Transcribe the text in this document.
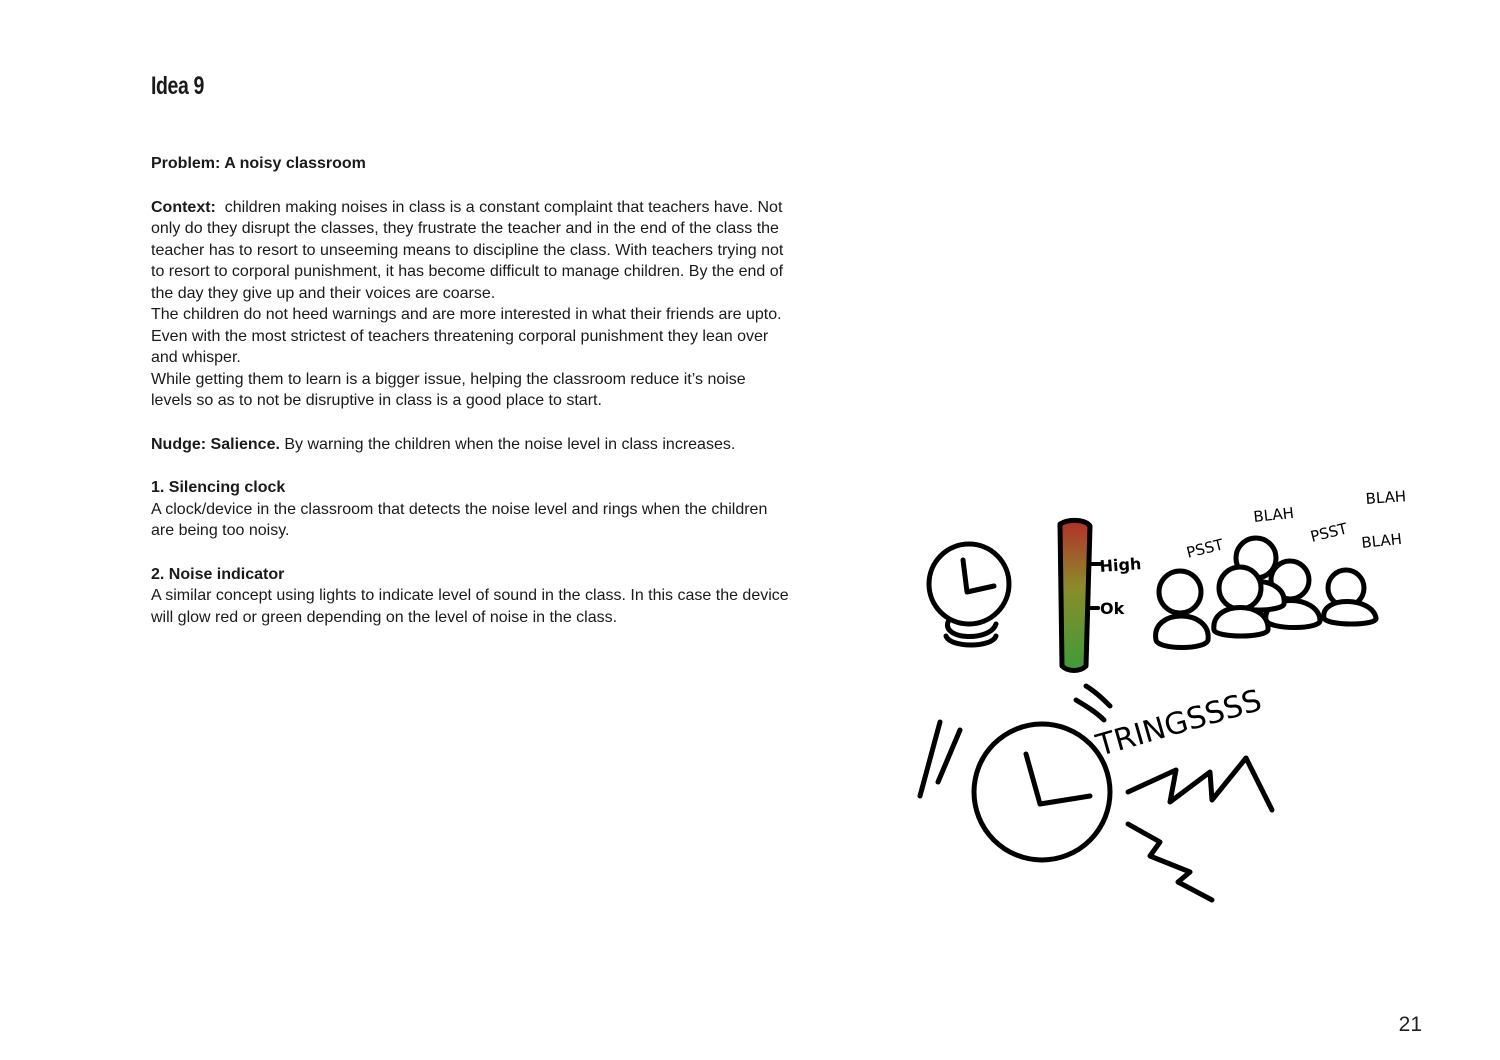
Idea 9

Problem: A noisy classroom

Context: children making noises in class is a constant complaint that teachers have. Not only do they disrupt the classes, they frustrate the teacher and in the end of the class the teacher has to resort to unseeming means to discipline the class. With teachers trying not to resort to corporal punishment, it has become difficult to manage children. By the end of the day they give up and their voices are coarse.

The children do not heed warnings and are more interested in what their friends are upto. Even with the most strictest of teachers threatening corporal punishment they lean over and whisper.

While getting them to learn is a bigger issue, helping the classroom reduce it’s noise levels so as to not be disruptive in class is a good place to start.

Nudge: Salience. By warning the children when the noise level in class increases.

1. Silencing clock

A clock/device in the classroom that detects the noise level and rings when the children are being too noisy.

2. Noise indicator

A similar concept using lights to indicate level of sound in the class. In this case the device will glow red or green depending on the level of noise in the class.

High
Ok
PSST
BLAH
PSST
BLAH
BLAH
TRINGSSSS
21
